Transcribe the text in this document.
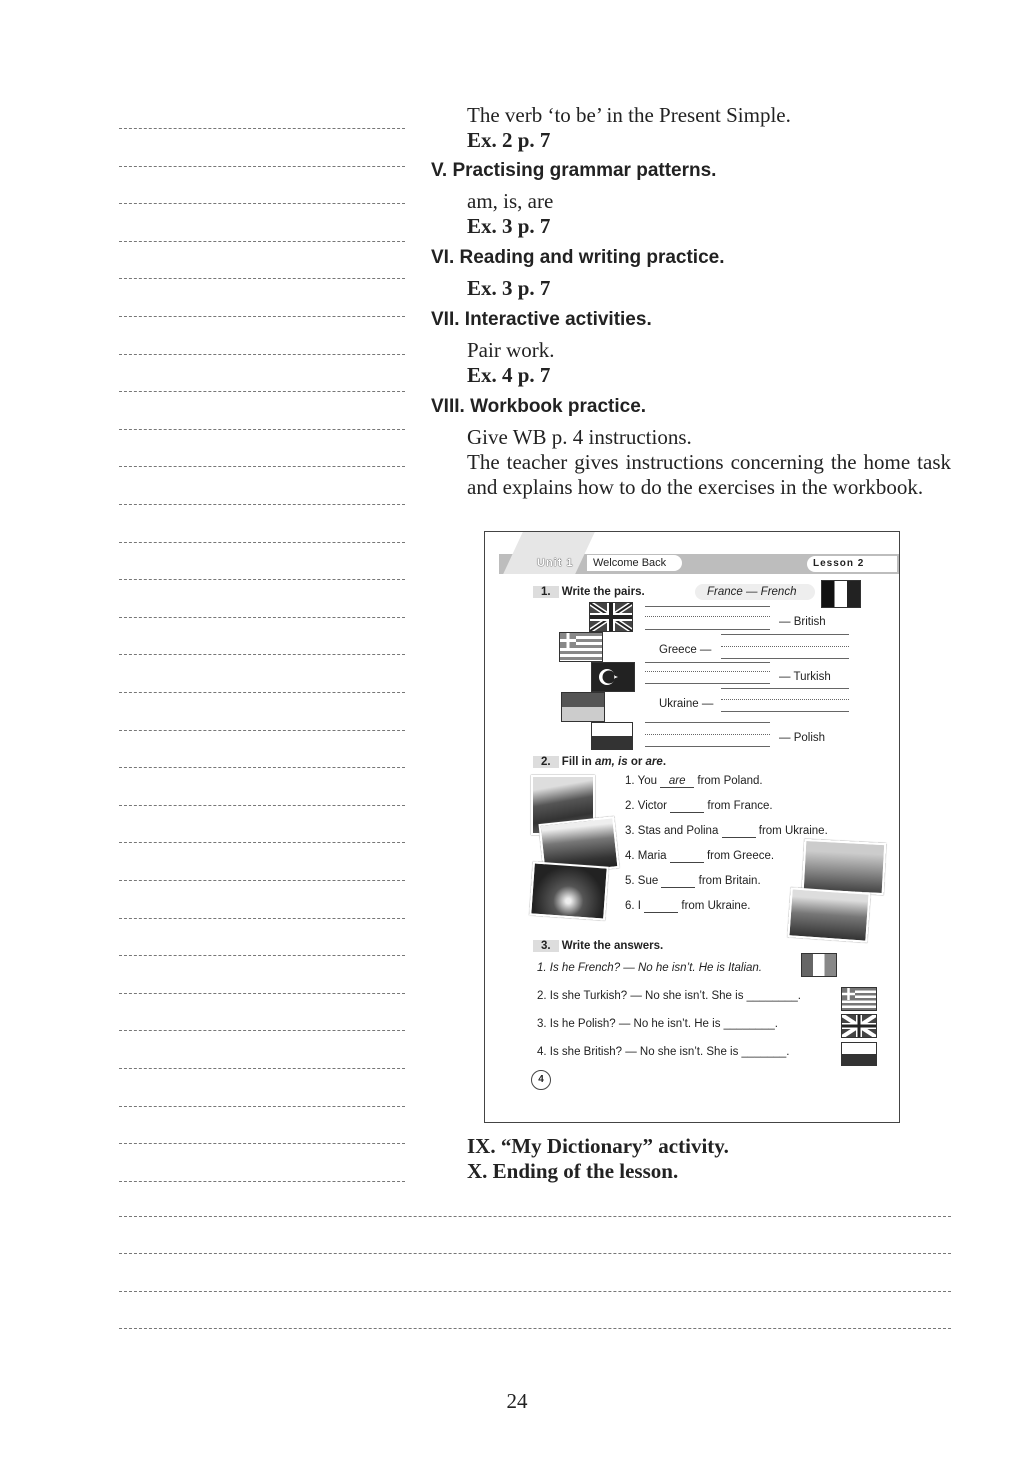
The verb ‘to be’ in the Present Simple.
Ex. 2 p. 7
V. Practising grammar patterns.
am, is, are
Ex. 3 p. 7
VI. Reading and writing practice.
Ex. 3 p. 7
VII. Interactive activities.
Pair work.
Ex. 4 p. 7
VIII. Workbook practice.
Give WB p. 4 instructions.
The teacher gives instructions concerning the home task and explains how to do the exercises in the workbook.
Unit 1 Welcome Back	Lesson 2
1. Write the pairs.	France — French
— British
Greece —
— Turkish
Ukraine —
— Polish
2. Fill in am, is or are.
1. You are from Poland.
2. Victor	from France.
3. Stas and Polina	from Ukraine.
4. Maria	from Greece.
5. Sue	from Britain.
6. I	from Ukraine.
3. Write the answers.
1. Is he French? — No he isn’t. He is Italian.
2. Is she Turkish? — No she isn’t. She is ________.
3. Is he Polish? — No he isn’t. He is ________.
4. Is she British? — No she isn’t. She is _______.
4
IX. “My Dictionary” activity.
X. Ending of the lesson.
24
